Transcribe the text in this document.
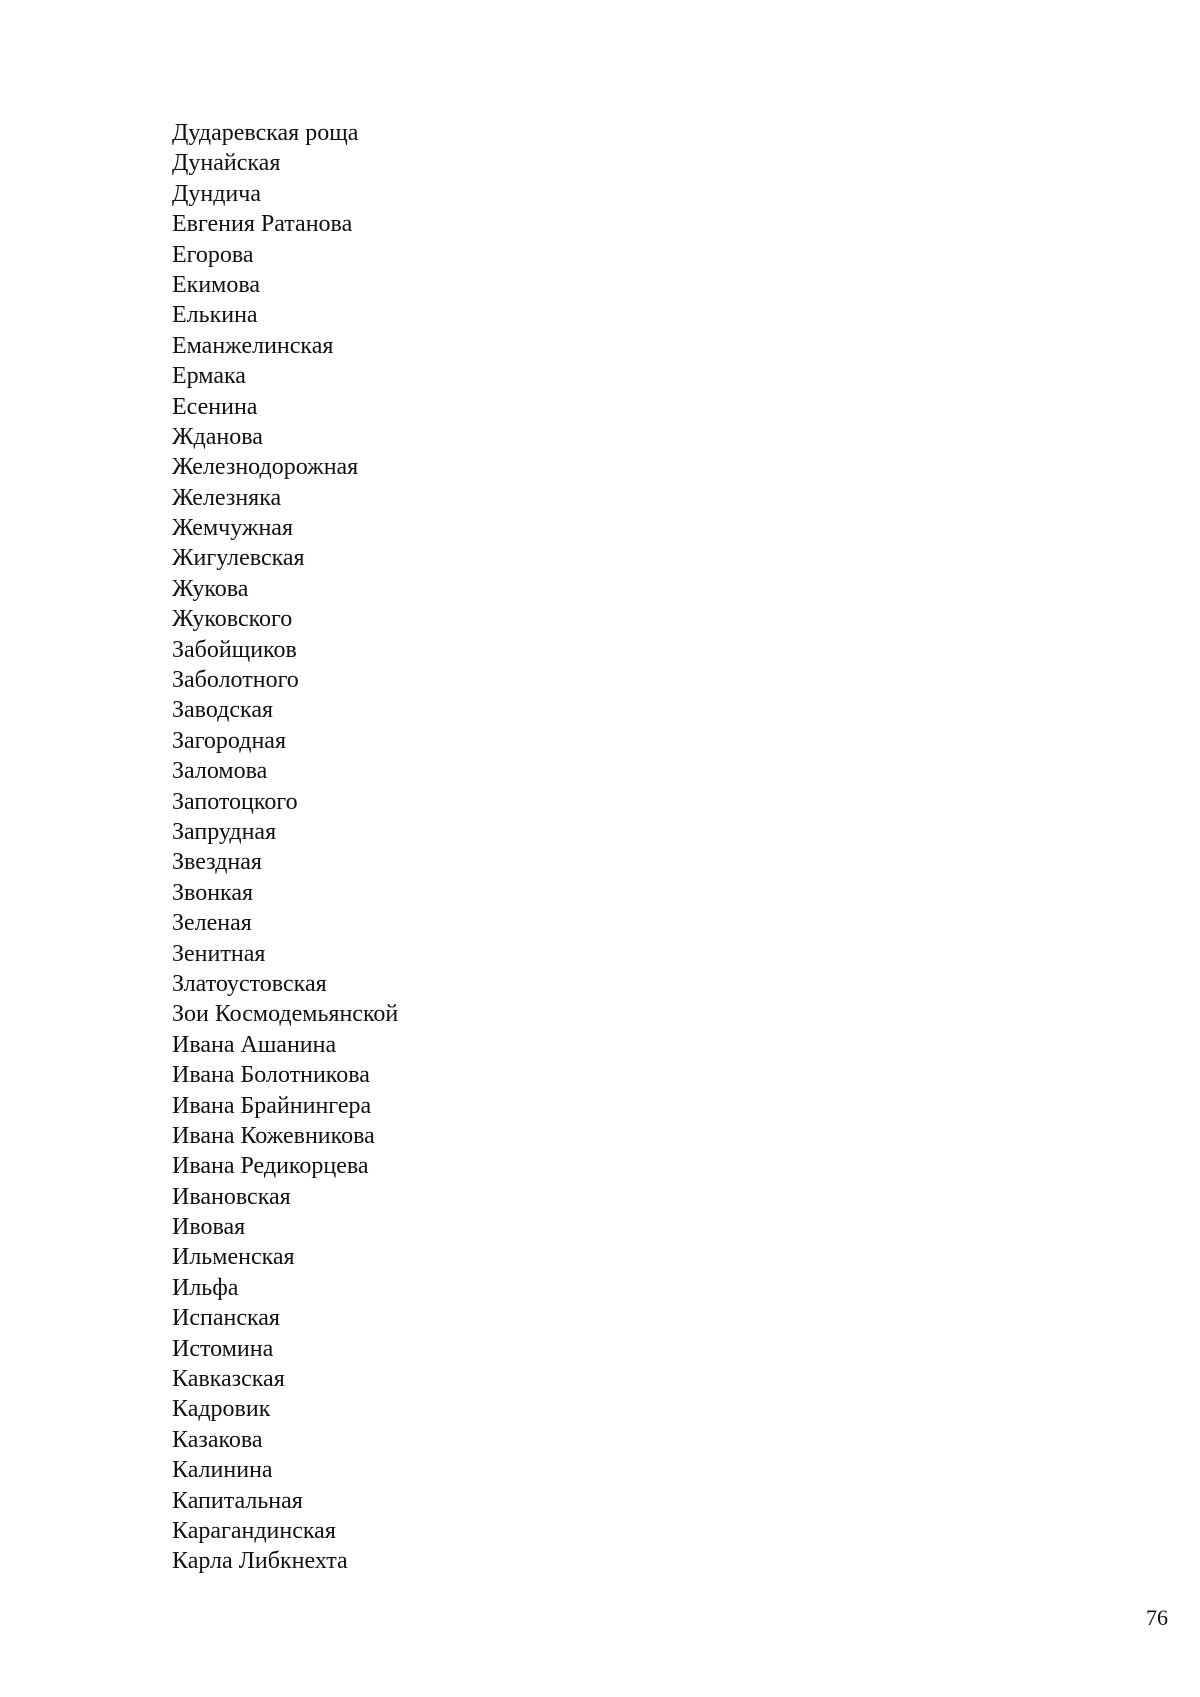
Дударевская роща
Дунайская
Дундича
Евгения Ратанова
Егорова
Екимова
Елькина
Еманжелинская
Ермака
Есенина
Жданова
Железнодорожная
Железняка
Жемчужная
Жигулевская
Жукова
Жуковского
Забойщиков
Заболотного
Заводская
Загородная
Заломова
Запотоцкого
Запрудная
Звездная
Звонкая
Зеленая
Зенитная
Златоустовская
Зои Космодемьянской
Ивана Ашанина
Ивана Болотникова
Ивана Брайнингера
Ивана Кожевникова
Ивана Редикорцева
Ивановская
Ивовая
Ильменская
Ильфа
Испанская
Истомина
Кавказская
Кадровик
Казакова
Калинина
Капитальная
Карагандинская
Карла Либкнехта
76
